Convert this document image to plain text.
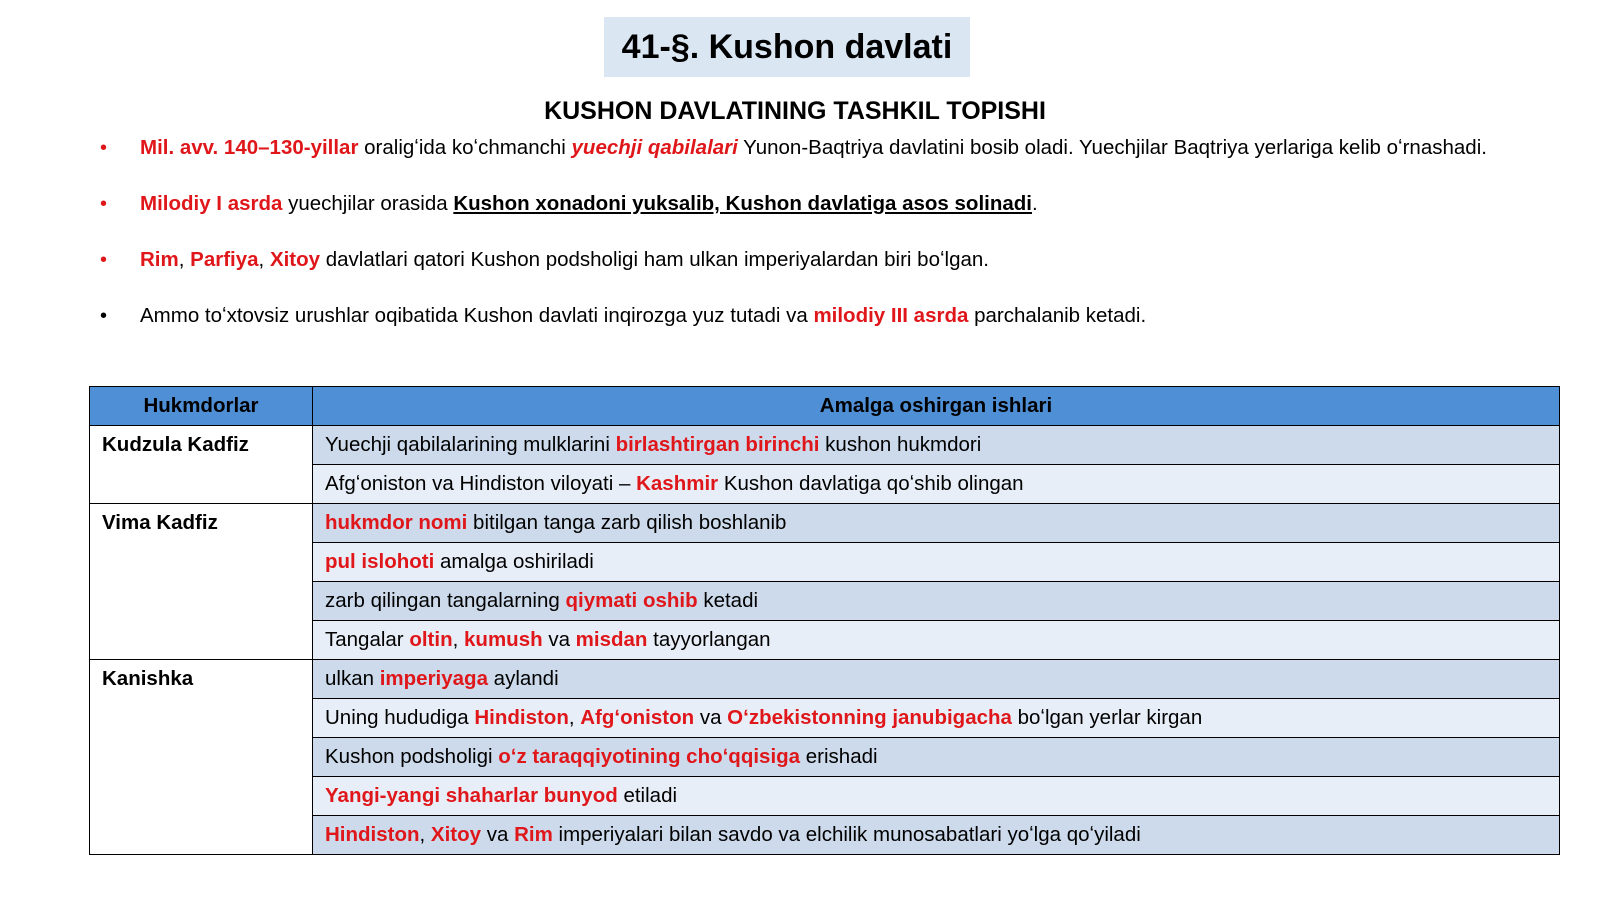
41-§. Kushon davlati
KUSHON DAVLATINING TASHKIL TOPISHI
• Mil. avv. 140–130-yillar oraligʻida koʻchmanchi yuechji qabilalari Yunon-Baqtriya davlatini bosib oladi. Yuechjilar Baqtriya yerlariga kelib oʻrnashadi.
• Milodiy I asrda yuechjilar orasida Kushon xonadoni yuksalib, Kushon davlatiga asos solinadi.
• Rim, Parfiya, Xitoy davlatlari qatori Kushon podsholigi ham ulkan imperiyalardan biri boʻlgan.
• Ammo toʻxtovsiz urushlar oqibatida Kushon davlati inqirozga yuz tutadi va milodiy III asrda parchalanib ketadi.
Hukmdorlar	Amalga oshirgan ishlari
Kudzula Kadfiz	Yuechji qabilalarining mulklarini birlashtirgan birinchi kushon hukmdori
	Afgʻoniston va Hindiston viloyati – Kashmir Kushon davlatiga qoʻshib olingan
Vima Kadfiz	hukmdor nomi bitilgan tanga zarb qilish boshlanib
	pul islohoti amalga oshiriladi
	zarb qilingan tangalarning qiymati oshib ketadi
	Tangalar oltin, kumush va misdan tayyorlangan
Kanishka	ulkan imperiyaga aylandi
	Uning hududiga Hindiston, Afgʻoniston va Oʻzbekistonning janubigacha boʻlgan yerlar kirgan
	Kushon podsholigi oʻz taraqqiyotining choʻqqisiga erishadi
	Yangi-yangi shaharlar bunyod etiladi
	Hindiston, Xitoy va Rim imperiyalari bilan savdo va elchilik munosabatlari yoʻlga qoʻyiladi
